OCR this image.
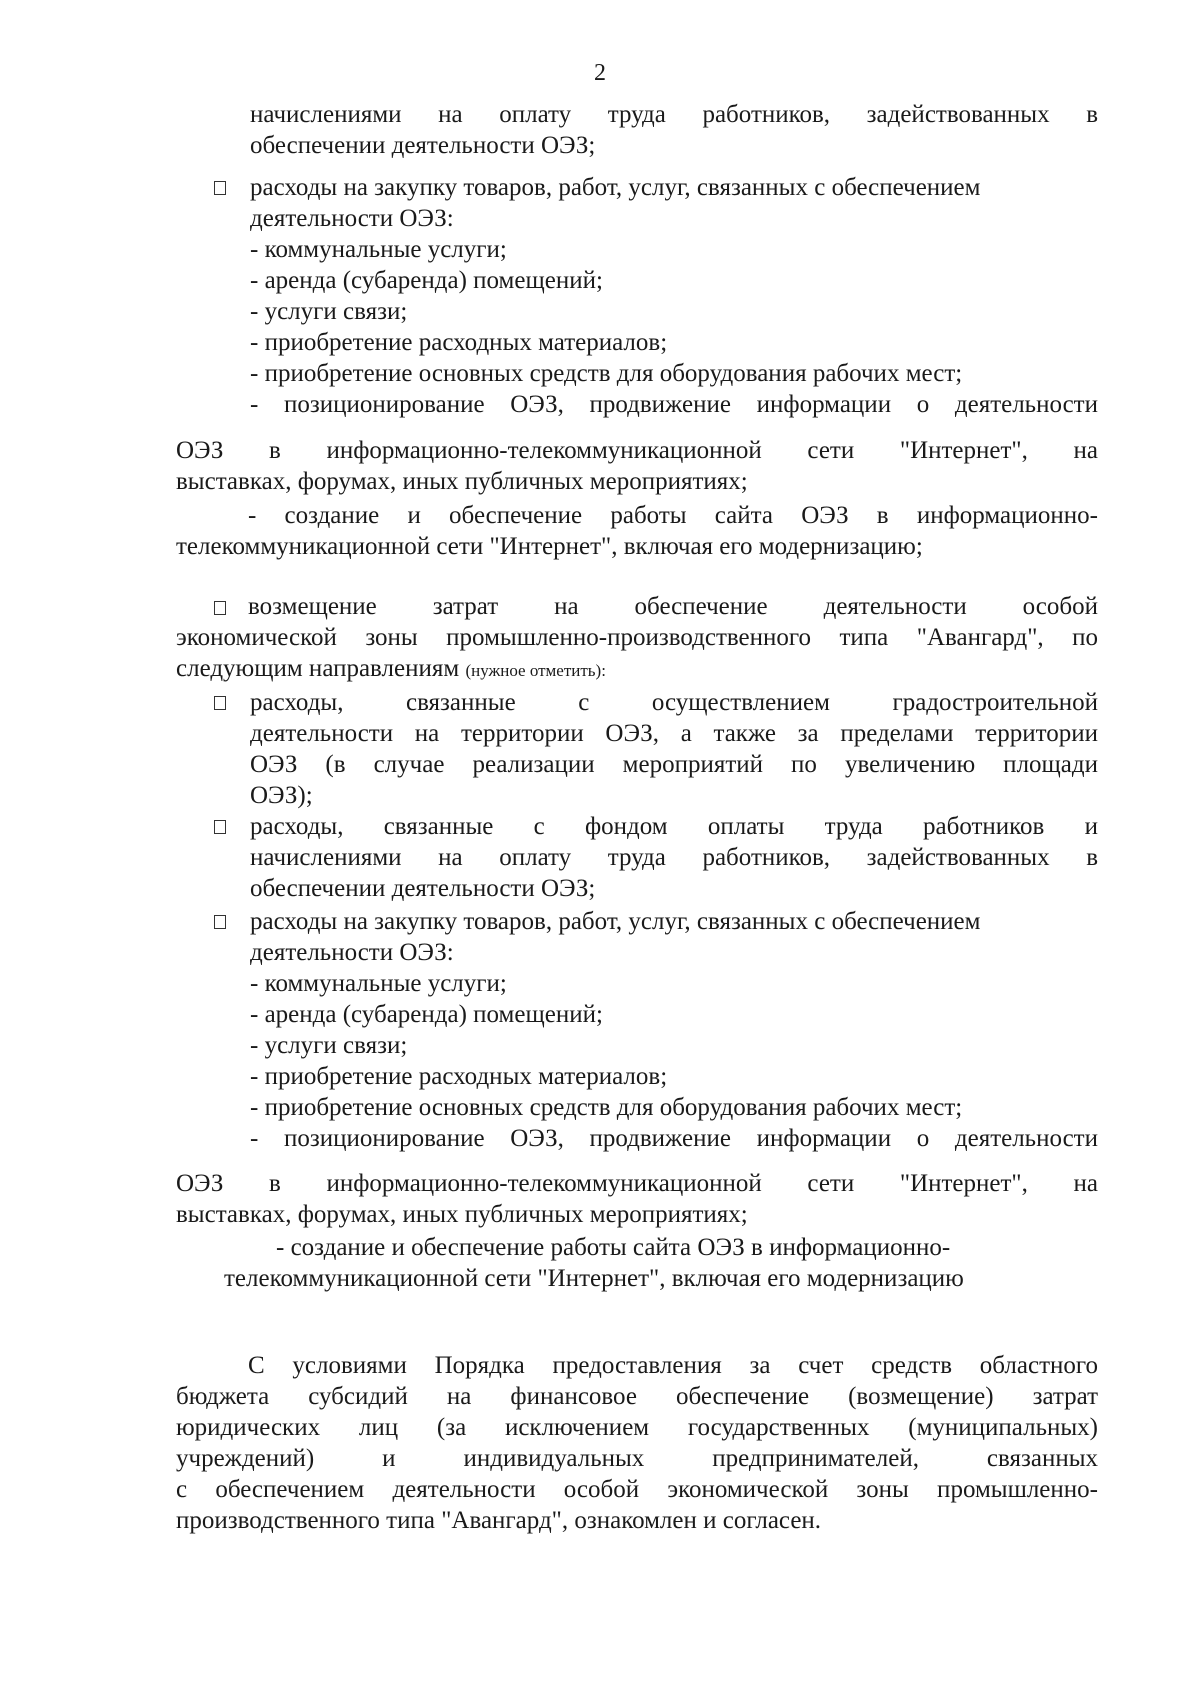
2
начислениями на оплату труда работников, задействованных в
обеспечении деятельности ОЭЗ;
расходы на закупку товаров, работ, услуг, связанных с обеспечением
деятельности ОЭЗ:
- коммунальные услуги;
- аренда (субаренда) помещений;
- услуги связи;
- приобретение расходных материалов;
- приобретение основных средств для оборудования рабочих мест;
- позиционирование ОЭЗ, продвижение информации о деятельности
ОЭЗ в информационно-телекоммуникационной сети "Интернет", на
выставках, форумах, иных публичных мероприятиях;
- создание и обеспечение работы сайта ОЭЗ в информационно-
телекоммуникационной сети "Интернет", включая его модернизацию;
возмещение затрат на обеспечение деятельности особой
экономической зоны промышленно-производственного типа "Авангард", по
следующим направлениям (нужное отметить):
расходы, связанные с осуществлением градостроительной
деятельности на территории ОЭЗ, а также за пределами территории
ОЭЗ (в случае реализации мероприятий по увеличению площади
ОЭЗ);
расходы, связанные с фондом оплаты труда работников и
начислениями на оплату труда работников, задействованных в
обеспечении деятельности ОЭЗ;
расходы на закупку товаров, работ, услуг, связанных с обеспечением
деятельности ОЭЗ:
- коммунальные услуги;
- аренда (субаренда) помещений;
- услуги связи;
- приобретение расходных материалов;
- приобретение основных средств для оборудования рабочих мест;
- позиционирование ОЭЗ, продвижение информации о деятельности
ОЭЗ в информационно-телекоммуникационной сети "Интернет", на
выставках, форумах, иных публичных мероприятиях;
- создание и обеспечение работы сайта ОЭЗ в информационно-
телекоммуникационной сети "Интернет", включая его модернизацию
С условиями Порядка предоставления за счет средств областного
бюджета субсидий на финансовое обеспечение (возмещение) затрат
юридических лиц (за исключением государственных (муниципальных)
учреждений) и индивидуальных предпринимателей, связанных
с обеспечением деятельности особой экономической зоны промышленно-
производственного типа "Авангард", ознакомлен и согласен.
